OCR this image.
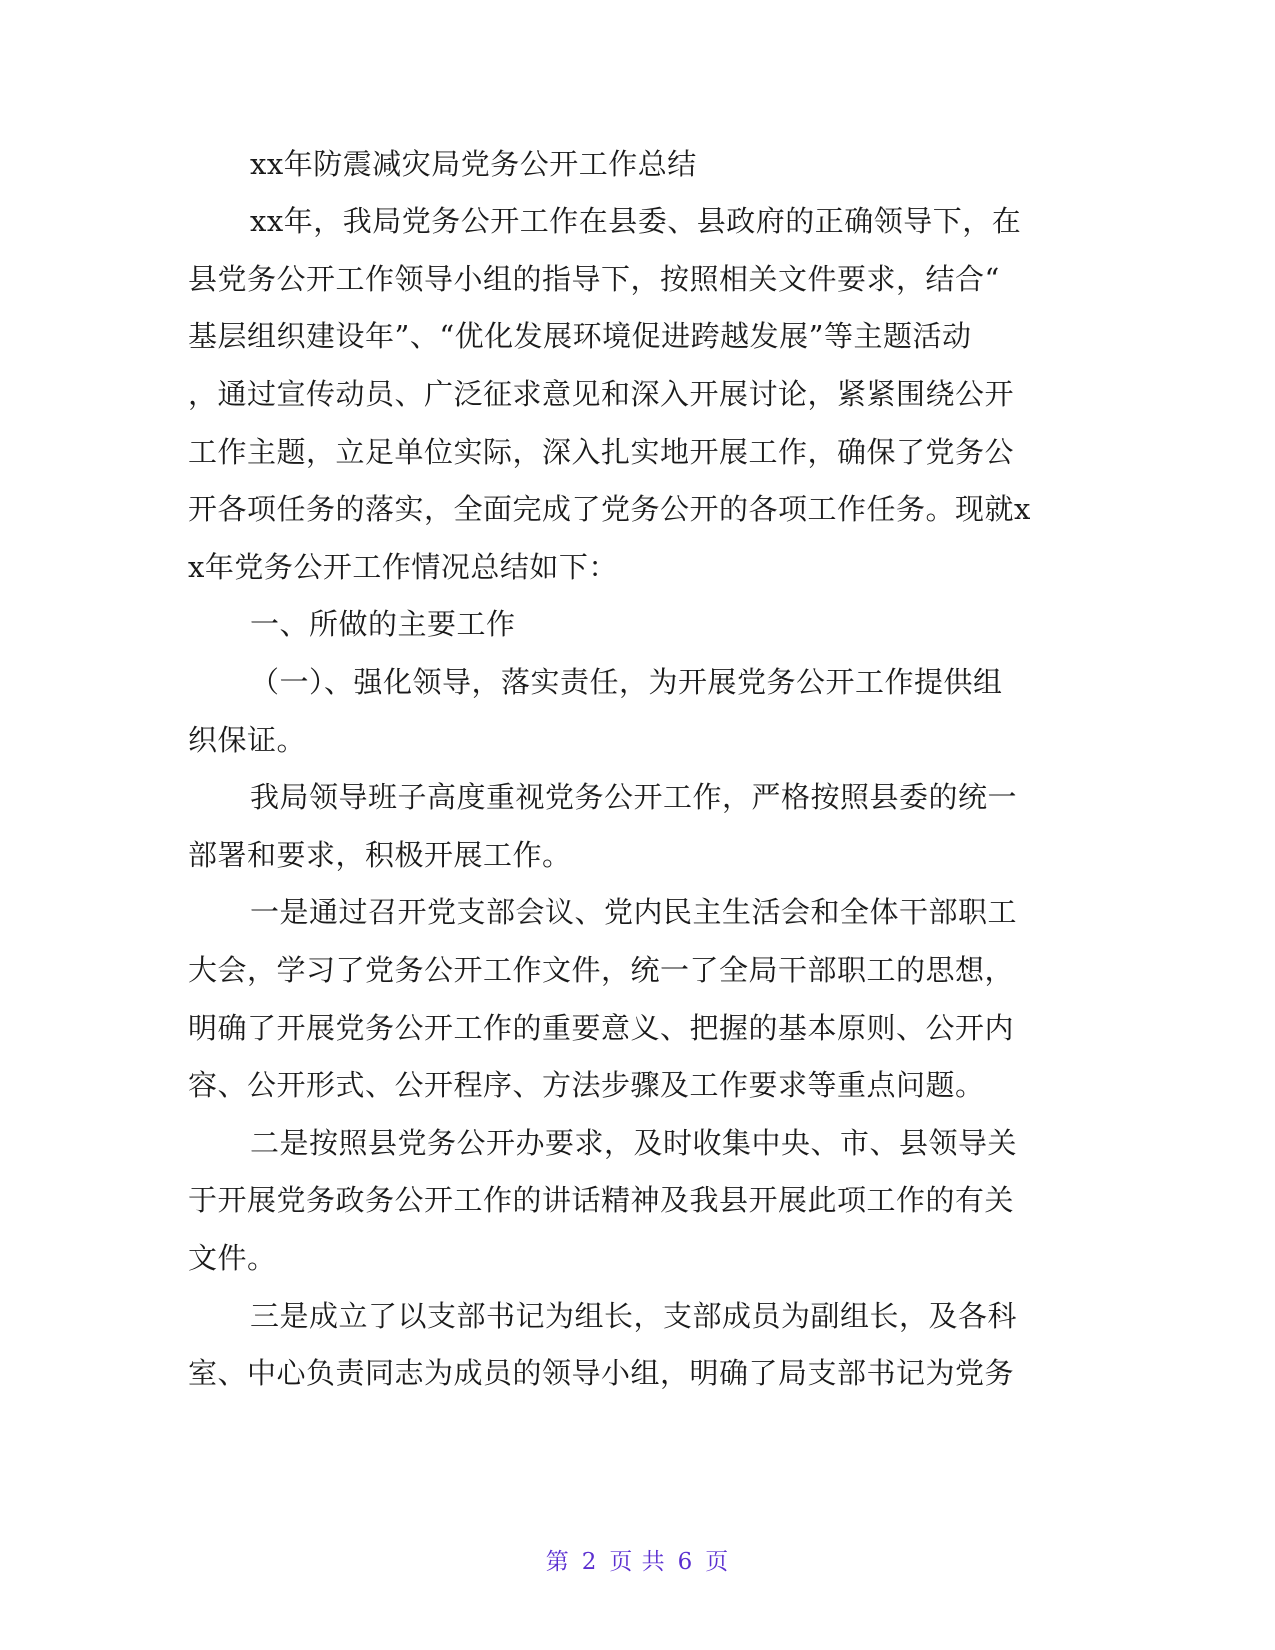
xx年防震减灾局党务公开工作总结
xx年，我局党务公开工作在县委、县政府的正确领导下，在
县党务公开工作领导小组的指导下，按照相关文件要求，结合“
基层组织建设年”、“优化发展环境促进跨越发展”等主题活动
，通过宣传动员、广泛征求意见和深入开展讨论，紧紧围绕公开
工作主题，立足单位实际，深入扎实地开展工作，确保了党务公
开各项任务的落实，全面完成了党务公开的各项工作任务。现就x
x年党务公开工作情况总结如下：
一、所做的主要工作
（一）、强化领导，落实责任，为开展党务公开工作提供组
织保证。
我局领导班子高度重视党务公开工作，严格按照县委的统一
部署和要求，积极开展工作。
一是通过召开党支部会议、党内民主生活会和全体干部职工
大会，学习了党务公开工作文件，统一了全局干部职工的思想，
明确了开展党务公开工作的重要意义、把握的基本原则、公开内
容、公开形式、公开程序、方法步骤及工作要求等重点问题。
二是按照县党务公开办要求，及时收集中央、市、县领导关
于开展党务政务公开工作的讲话精神及我县开展此项工作的有关
文件。
三是成立了以支部书记为组长，支部成员为副组长，及各科
室、中心负责同志为成员的领导小组，明确了局支部书记为党务
第 2 页 共 6 页
